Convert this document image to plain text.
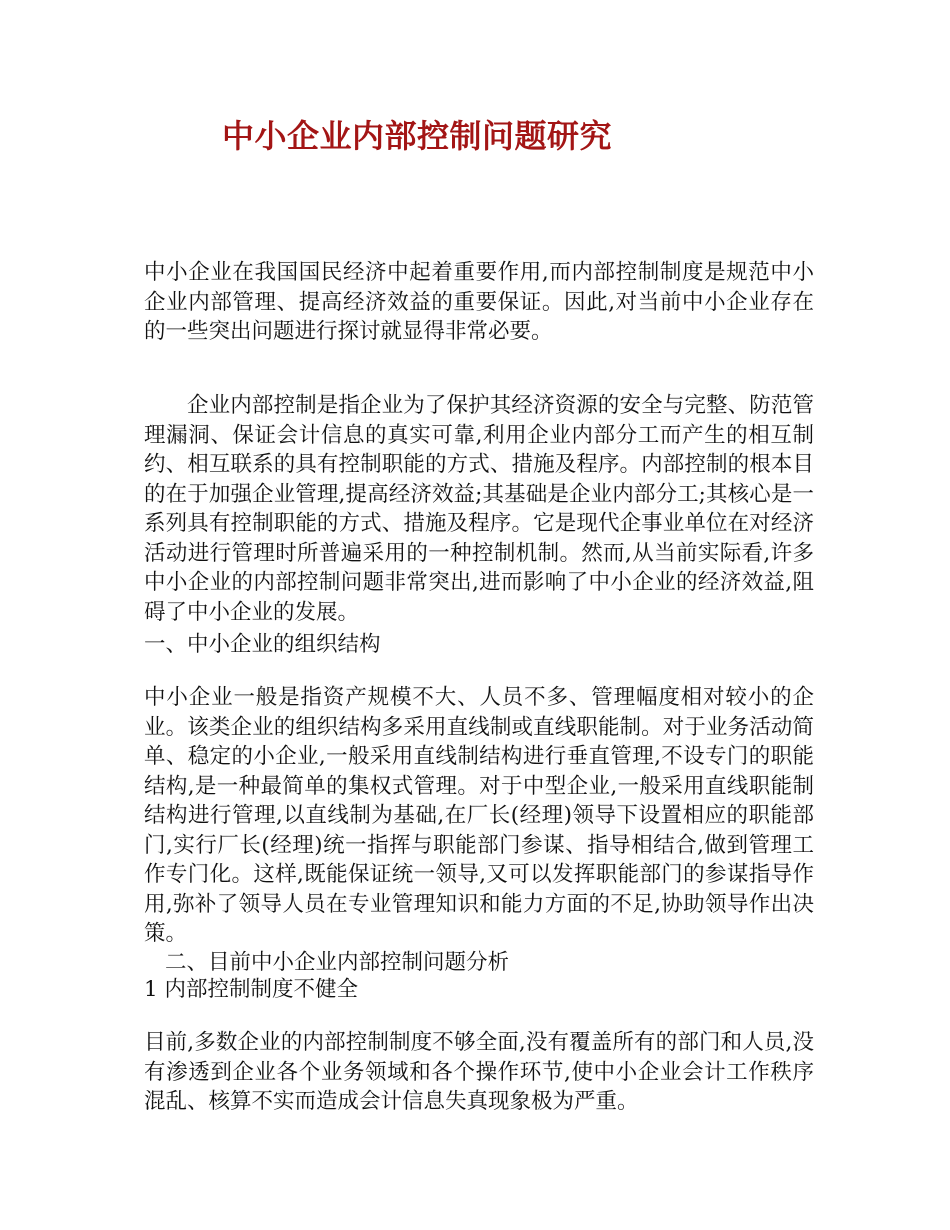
中小企业内部控制问题研究
中小企业在我国国民经济中起着重要作用,而内部控制制度是规范中小企业内部管理、提高经济效益的重要保证。因此,对当前中小企业存在的一些突出问题进行探讨就显得非常必要。
企业内部控制是指企业为了保护其经济资源的安全与完整、防范管理漏洞、保证会计信息的真实可靠,利用企业内部分工而产生的相互制约、相互联系的具有控制职能的方式、措施及程序。内部控制的根本目的在于加强企业管理,提高经济效益;其基础是企业内部分工;其核心是一系列具有控制职能的方式、措施及程序。它是现代企事业单位在对经济活动进行管理时所普遍采用的一种控制机制。然而,从当前实际看,许多中小企业的内部控制问题非常突出,进而影响了中小企业的经济效益,阻碍了中小企业的发展。
一、中小企业的组织结构
中小企业一般是指资产规模不大、人员不多、管理幅度相对较小的企业。该类企业的组织结构多采用直线制或直线职能制。对于业务活动简单、稳定的小企业,一般采用直线制结构进行垂直管理,不设专门的职能结构,是一种最简单的集权式管理。对于中型企业,一般采用直线职能制结构进行管理,以直线制为基础,在厂长(经理)领导下设置相应的职能部门,实行厂长(经理)统一指挥与职能部门参谋、指导相结合,做到管理工作专门化。这样,既能保证统一领导,又可以发挥职能部门的参谋指导作用,弥补了领导人员在专业管理知识和能力方面的不足,协助领导作出决策。
二、目前中小企业内部控制问题分析
1 内部控制制度不健全
目前,多数企业的内部控制制度不够全面,没有覆盖所有的部门和人员,没有渗透到企业各个业务领域和各个操作环节,使中小企业会计工作秩序混乱、核算不实而造成会计信息失真现象极为严重。
